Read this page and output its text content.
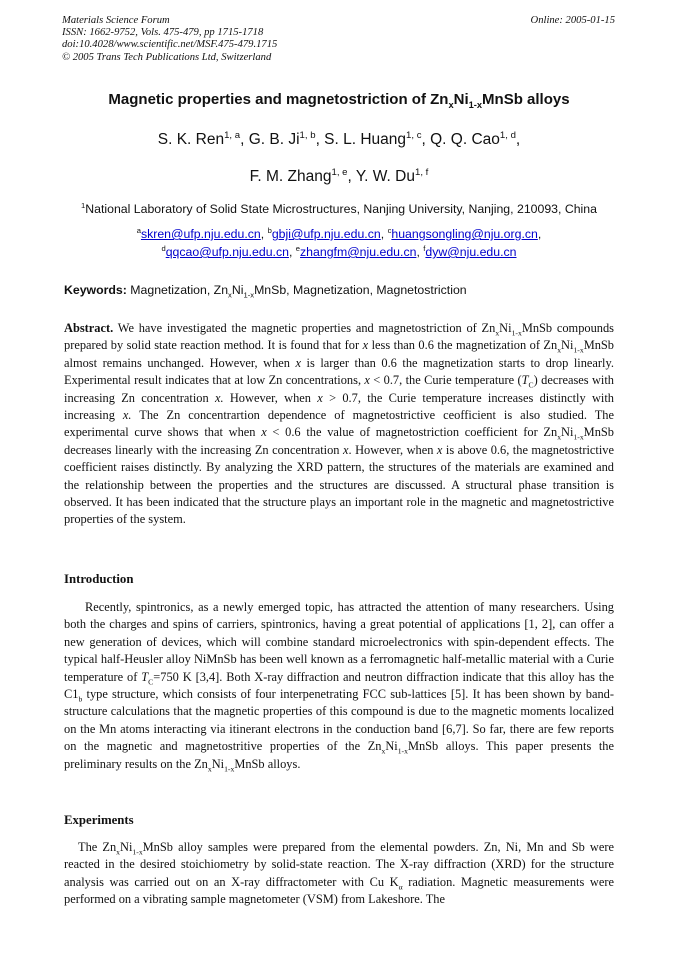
Materials Science Forum
ISSN: 1662-9752, Vols. 475-479, pp 1715-1718
doi:10.4028/www.scientific.net/MSF.475-479.1715
© 2005 Trans Tech Publications Ltd, Switzerland
Online: 2005-01-15
Magnetic properties and magnetostriction of $Zn_xNi_{1-x}MnSb$ alloys
S. K. Ren$^{1, a}$, G. B. Ji$^{1, b}$, S. L. Huang$^{1, c}$, Q. Q. Cao$^{1, d}$,
F. M. Zhang$^{1, e}$, Y. W. Du$^{1, f}$
$^1$National Laboratory of Solid State Microstructures, Nanjing University, Nanjing, 210093, China
$^a$skren@ufp.nju.edu.cn, $^b$gbji@ufp.nju.edu.cn, $^c$huangsongling@nju.org.cn,
$^d$qqcao@ufp.nju.edu.cn, $^e$zhangfm@nju.edu.cn, $^f$dyw@nju.edu.cn
Keywords: Magnetization, $Zn_xNi_{1-x}MnSb$, Magnetization, Magnetostriction
Abstract. We have investigated the magnetic properties and magnetostriction of $Zn_xNi_{1-x}MnSb$ compounds prepared by solid state reaction method. It is found that for x less than 0.6 the magnetization of $Zn_xNi_{1-x}MnSb$ almost remains unchanged. However, when x is larger than 0.6 the magnetization starts to drop linearly. Experimental result indicates that at low Zn concentrations, x < 0.7, the Curie temperature $(T_C)$ decreases with increasing Zn concentration x. However, when x > 0.7, the Curie temperature increases distinctly with increasing x. The Zn concentrartion dependence of magnetostrictive ceofficient is also studied. The experimental curve shows that when x < 0.6 the value of magnetostriction coefficient for $Zn_xNi_{1-x}MnSb$ decreases linearly with the increasing Zn concentration x. However, when x is above 0.6, the magnetostrictive coefficient raises distinctly. By analyzing the XRD pattern, the structures of the materials are examined and the relationship between the properties and the structures are discussed. A structural phase transition is observed. It has been indicated that the structure plays an important role in the magnetic and magnetostrictive properties of the system.
Introduction
Recently, spintronics, as a newly emerged topic, has attracted the attention of many researchers. Using both the charges and spins of carriers, spintronics, having a great potential of applications [1, 2], can offer a new generation of devices, which will combine standard microelectronics with spin-dependent effects. The typical half-Heusler alloy NiMnSb has been well known as a ferromagnetic half-metallic material with a Curie temperature of $T_C=750$ K [3,4]. Both X-ray diffraction and neutron diffraction indicate that this alloy has the $C1_b$ type structure, which consists of four interpenetrating FCC sub-lattices [5]. It has been shown by band-structure calculations that the magnetic properties of this compound is due to the magnetic moments localized on the Mn atoms interacting via itinerant electrons in the conduction band [6,7]. So far, there are few reports on the magnetic and magnetostritive properties of the $Zn_xNi_{1-x}MnSb$ alloys. This paper presents the preliminary results on the $Zn_xNi_{1-x}MnSb$ alloys.
Experiments
The $Zn_xNi_{1-x}MnSb$ alloy samples were prepared from the elemental powders. Zn, Ni, Mn and Sb were reacted in the desired stoichiometry by solid-state reaction. The X-ray diffraction (XRD) for the structure analysis was carried out on an X-ray diffractometer with Cu $K_\alpha$ radiation. Magnetic measurements were performed on a vibrating sample magnetometer (VSM) from Lakeshore. The
